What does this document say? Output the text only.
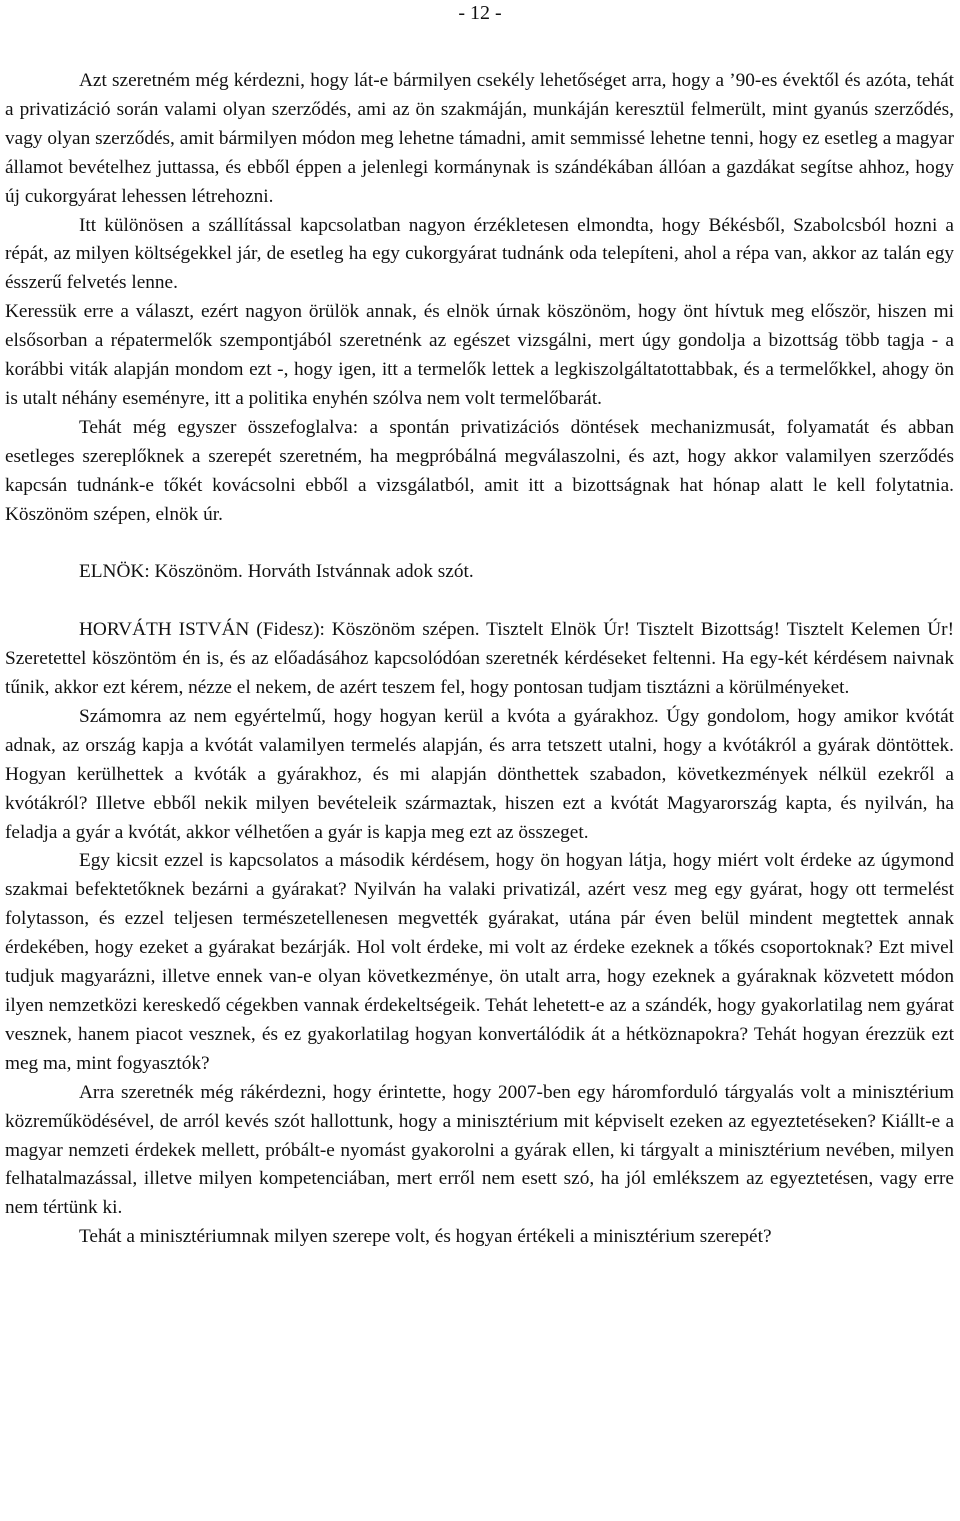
- 12 -

Azt szeretném még kérdezni, hogy lát-e bármilyen csekély lehetőséget arra, hogy a ’90-es évektől és azóta, tehát a privatizáció során valami olyan szerződés, ami az ön szakmáján, munkáján keresztül felmerült, mint gyanús szerződés, vagy olyan szerződés, amit bármilyen módon meg lehetne támadni, amit semmissé lehetne tenni, hogy ez esetleg a magyar államot bevételhez juttassa, és ebből éppen a jelenlegi kormánynak is szándékában állóan a gazdákat segítse ahhoz, hogy új cukorgyárat lehessen létrehozni.

Itt különösen a szállítással kapcsolatban nagyon érzékletesen elmondta, hogy Békésből, Szabolcsból hozni a répát, az milyen költségekkel jár, de esetleg ha egy cukorgyárat tudnánk oda telepíteni, ahol a répa van, akkor az talán egy ésszerű felvetés lenne.

Keressük erre a választ, ezért nagyon örülök annak, és elnök úrnak köszönöm, hogy önt hívtuk meg először, hiszen mi elsősorban a répatermelők szempontjából szeretnénk az egészet vizsgálni, mert úgy gondolja a bizottság több tagja - a korábbi viták alapján mondom ezt -, hogy igen, itt a termelők lettek a legkiszolgáltatottabbak, és a termelőkkel, ahogy ön is utalt néhány eseményre, itt a politika enyhén szólva nem volt termelőbarát.

Tehát még egyszer összefoglalva: a spontán privatizációs döntések mechanizmusát, folyamatát és abban esetleges szereplőknek a szerepét szeretném, ha megpróbálná megválaszolni, és azt, hogy akkor valamilyen szerződés kapcsán tudnánk-e tőkét kovácsolni ebből a vizsgálatból, amit itt a bizottságnak hat hónap alatt le kell folytatnia. Köszönöm szépen, elnök úr.

ELNÖK: Köszönöm. Horváth Istvánnak adok szót.

HORVÁTH ISTVÁN (Fidesz): Köszönöm szépen. Tisztelt Elnök Úr! Tisztelt Bizottság! Tisztelt Kelemen Úr! Szeretettel köszöntöm én is, és az előadásához kapcsolódóan szeretnék kérdéseket feltenni. Ha egy-két kérdésem naivnak tűnik, akkor ezt kérem, nézze el nekem, de azért teszem fel, hogy pontosan tudjam tisztázni a körülményeket.

Számomra az nem egyértelmű, hogy hogyan kerül a kvóta a gyárakhoz. Úgy gondolom, hogy amikor kvótát adnak, az ország kapja a kvótát valamilyen termelés alapján, és arra tetszett utalni, hogy a kvótákról a gyárak döntöttek. Hogyan kerülhettek a kvóták a gyárakhoz, és mi alapján dönthettek szabadon, következmények nélkül ezekről a kvótákról? Illetve ebből nekik milyen bevételeik származtak, hiszen ezt a kvótát Magyarország kapta, és nyilván, ha feladja a gyár a kvótát, akkor vélhetően a gyár is kapja meg ezt az összeget.

Egy kicsit ezzel is kapcsolatos a második kérdésem, hogy ön hogyan látja, hogy miért volt érdeke az úgymond szakmai befektetőknek bezárni a gyárakat? Nyilván ha valaki privatizál, azért vesz meg egy gyárat, hogy ott termelést folytasson, és ezzel teljesen természetellenesen megvették gyárakat, utána pár éven belül mindent megtettek annak érdekében, hogy ezeket a gyárakat bezárják. Hol volt érdeke, mi volt az érdeke ezeknek a tőkés csoportoknak? Ezt mivel tudjuk magyarázni, illetve ennek van-e olyan következménye, ön utalt arra, hogy ezeknek a gyáraknak közvetett módon ilyen nemzetközi kereskedő cégekben vannak érdekeltségeik. Tehát lehetett-e az a szándék, hogy gyakorlatilag nem gyárat vesznek, hanem piacot vesznek, és ez gyakorlatilag hogyan konvertálódik át a hétköznapokra? Tehát hogyan érezzük ezt meg ma, mint fogyasztók?

Arra szeretnék még rákérdezni, hogy érintette, hogy 2007-ben egy háromforduló tárgyalás volt a minisztérium közreműködésével, de arról kevés szót hallottunk, hogy a minisztérium mit képviselt ezeken az egyeztetéseken? Kiállt-e a magyar nemzeti érdekek mellett, próbált-e nyomást gyakorolni a gyárak ellen, ki tárgyalt a minisztérium nevében, milyen felhatalmazással, illetve milyen kompetenciában, mert erről nem esett szó, ha jól emlékszem az egyeztetésen, vagy erre nem tértünk ki.

Tehát a minisztériumnak milyen szerepe volt, és hogyan értékeli a minisztérium szerepét?
